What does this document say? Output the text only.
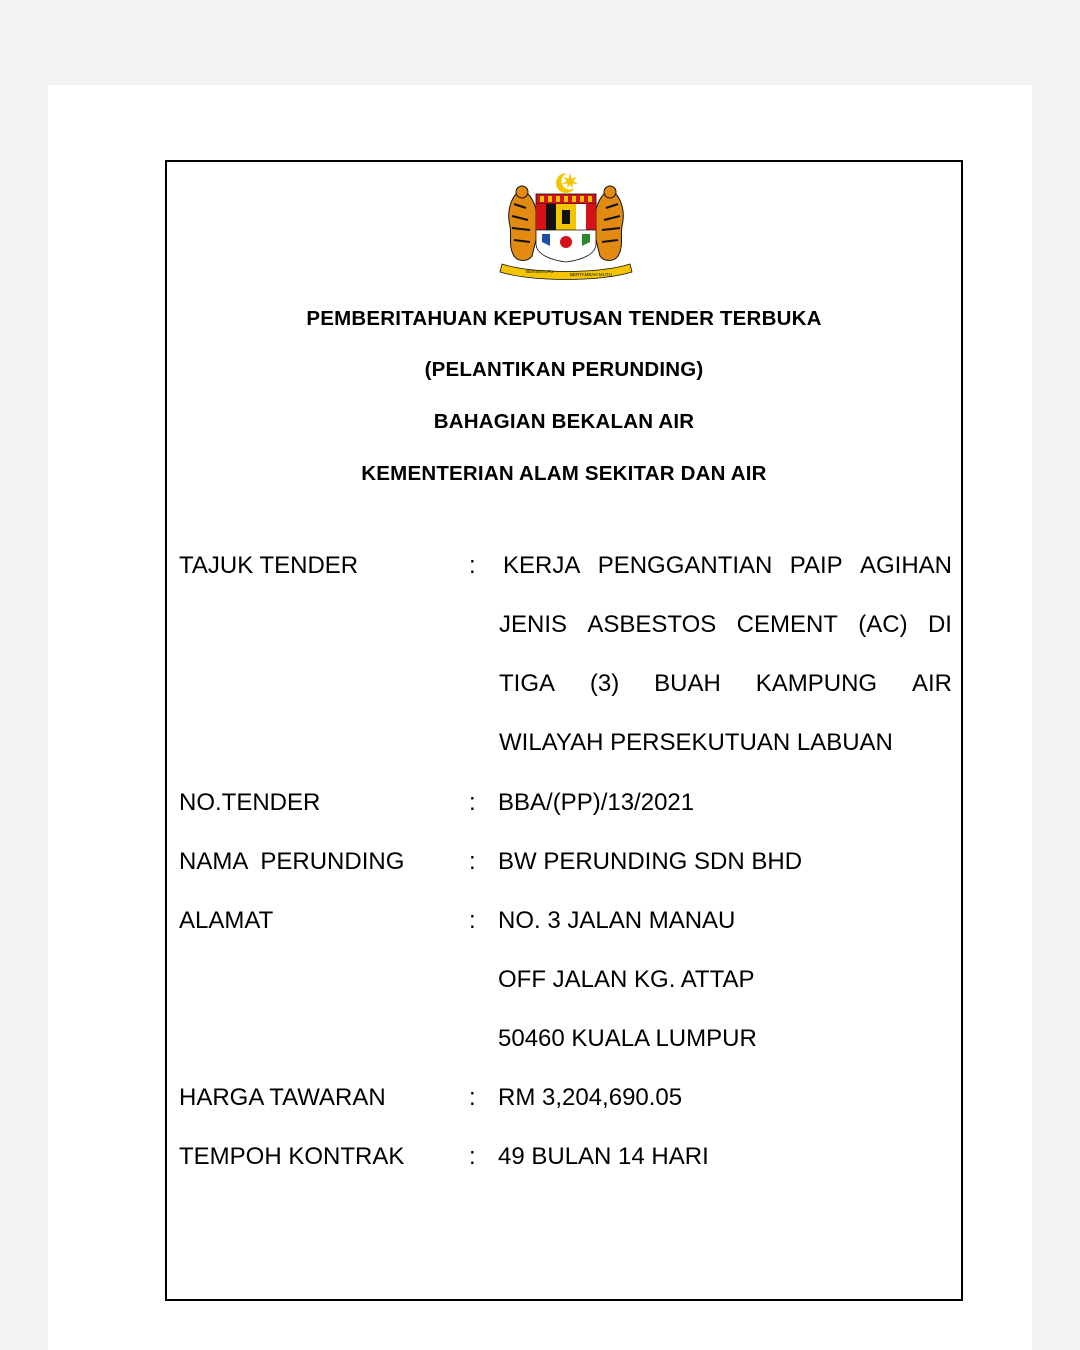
BERSEKUTU
BERTAMBAH MUTU
PEMBERITAHUAN KEPUTUSAN TENDER TERBUKA
(PELANTIKAN PERUNDING)
BAHAGIAN BEKALAN AIR
KEMENTERIAN ALAM SEKITAR DAN AIR
TAJUK TENDER	: KERJA PENGGANTIAN PAIP AGIHAN
JENIS ASBESTOS CEMENT (AC) DI
TIGA (3) BUAH KAMPUNG AIR
WILAYAH PERSEKUTUAN LABUAN
NO.TENDER	: BBA/(PP)/13/2021
NAMA  PERUNDING	: BW PERUNDING SDN BHD
ALAMAT	: NO. 3 JALAN MANAU
OFF JALAN KG. ATTAP
50460 KUALA LUMPUR
HARGA TAWARAN	: RM 3,204,690.05
TEMPOH KONTRAK	: 49 BULAN 14 HARI
